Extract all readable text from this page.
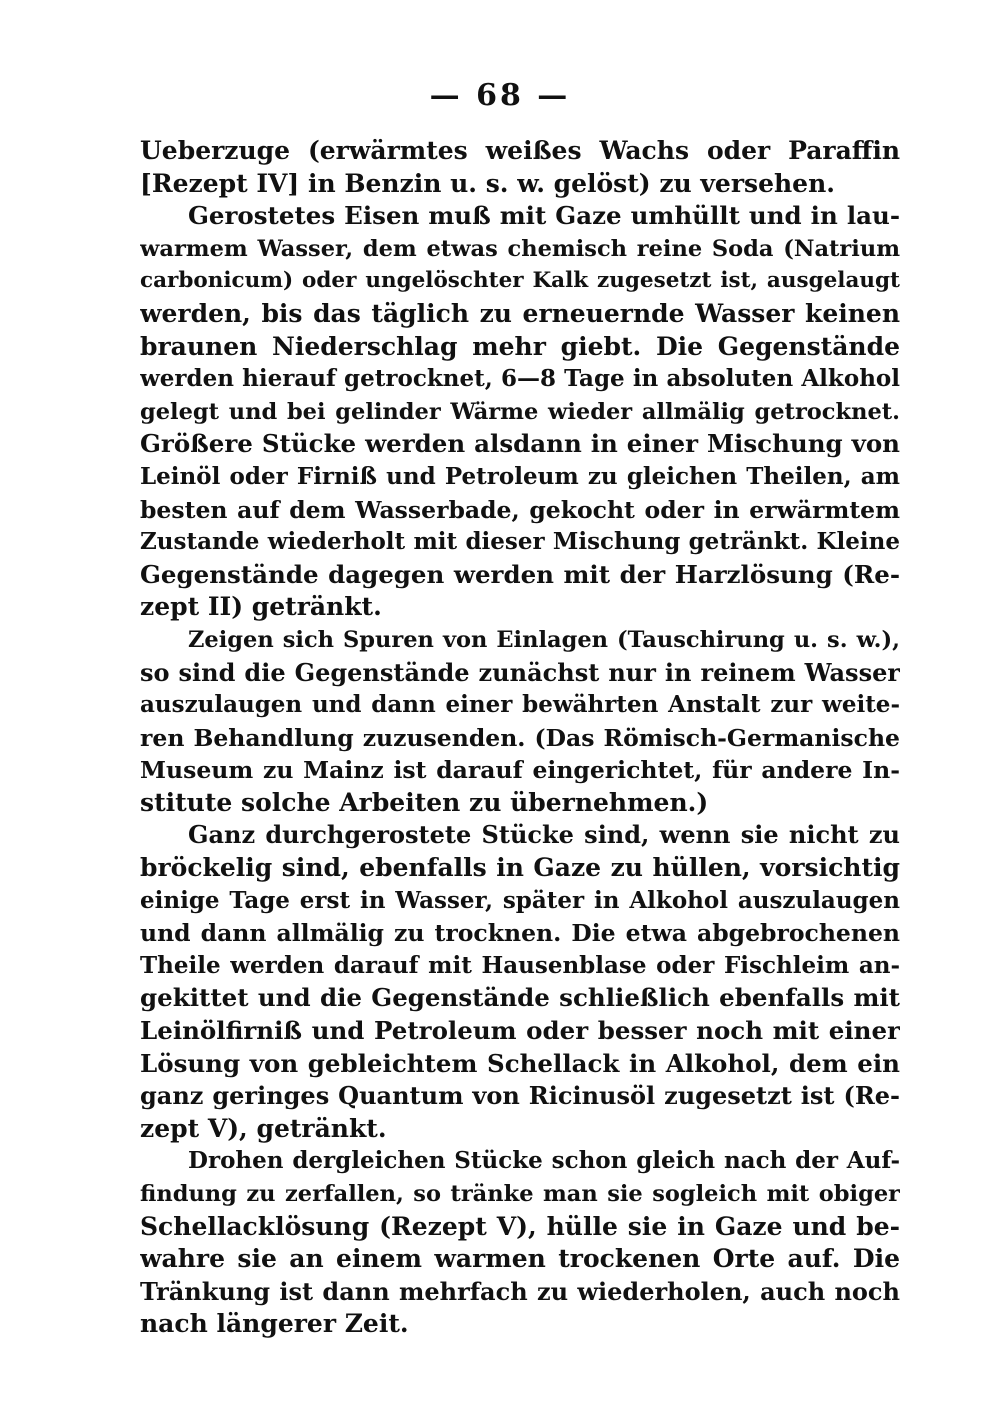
— 68 —
Ueberzuge (erwärmtes weißes Wachs oder Paraffin
[Rezept IV] in Benzin u. s. w. gelöst) zu versehen.
Gerostetes Eisen muß mit Gaze umhüllt und in lau-
warmem Wasser, dem etwas chemisch reine Soda (Natrium
carbonicum) oder ungelöschter Kalk zugesetzt ist, ausgelaugt
werden, bis das täglich zu erneuernde Wasser keinen
braunen Niederschlag mehr giebt. Die Gegenstände
werden hierauf getrocknet, 6—8 Tage in absoluten Alkohol
gelegt und bei gelinder Wärme wieder allmälig getrocknet.
Größere Stücke werden alsdann in einer Mischung von
Leinöl oder Firniß und Petroleum zu gleichen Theilen, am
besten auf dem Wasserbade, gekocht oder in erwärmtem
Zustande wiederholt mit dieser Mischung getränkt. Kleine
Gegenstände dagegen werden mit der Harzlösung (Re-
zept II) getränkt.
Zeigen sich Spuren von Einlagen (Tauschirung u. s. w.),
so sind die Gegenstände zunächst nur in reinem Wasser
auszulaugen und dann einer bewährten Anstalt zur weite-
ren Behandlung zuzusenden. (Das Römisch-Germanische
Museum zu Mainz ist darauf eingerichtet, für andere In-
stitute solche Arbeiten zu übernehmen.)
Ganz durchgerostete Stücke sind, wenn sie nicht zu
bröckelig sind, ebenfalls in Gaze zu hüllen, vorsichtig
einige Tage erst in Wasser, später in Alkohol auszulaugen
und dann allmälig zu trocknen. Die etwa abgebrochenen
Theile werden darauf mit Hausenblase oder Fischleim an-
gekittet und die Gegenstände schließlich ebenfalls mit
Leinölfirniß und Petroleum oder besser noch mit einer
Lösung von gebleichtem Schellack in Alkohol, dem ein
ganz geringes Quantum von Ricinusöl zugesetzt ist (Re-
zept V), getränkt.
Drohen dergleichen Stücke schon gleich nach der Auf-
findung zu zerfallen, so tränke man sie sogleich mit obiger
Schellacklösung (Rezept V), hülle sie in Gaze und be-
wahre sie an einem warmen trockenen Orte auf. Die
Tränkung ist dann mehrfach zu wiederholen, auch noch
nach längerer Zeit.
